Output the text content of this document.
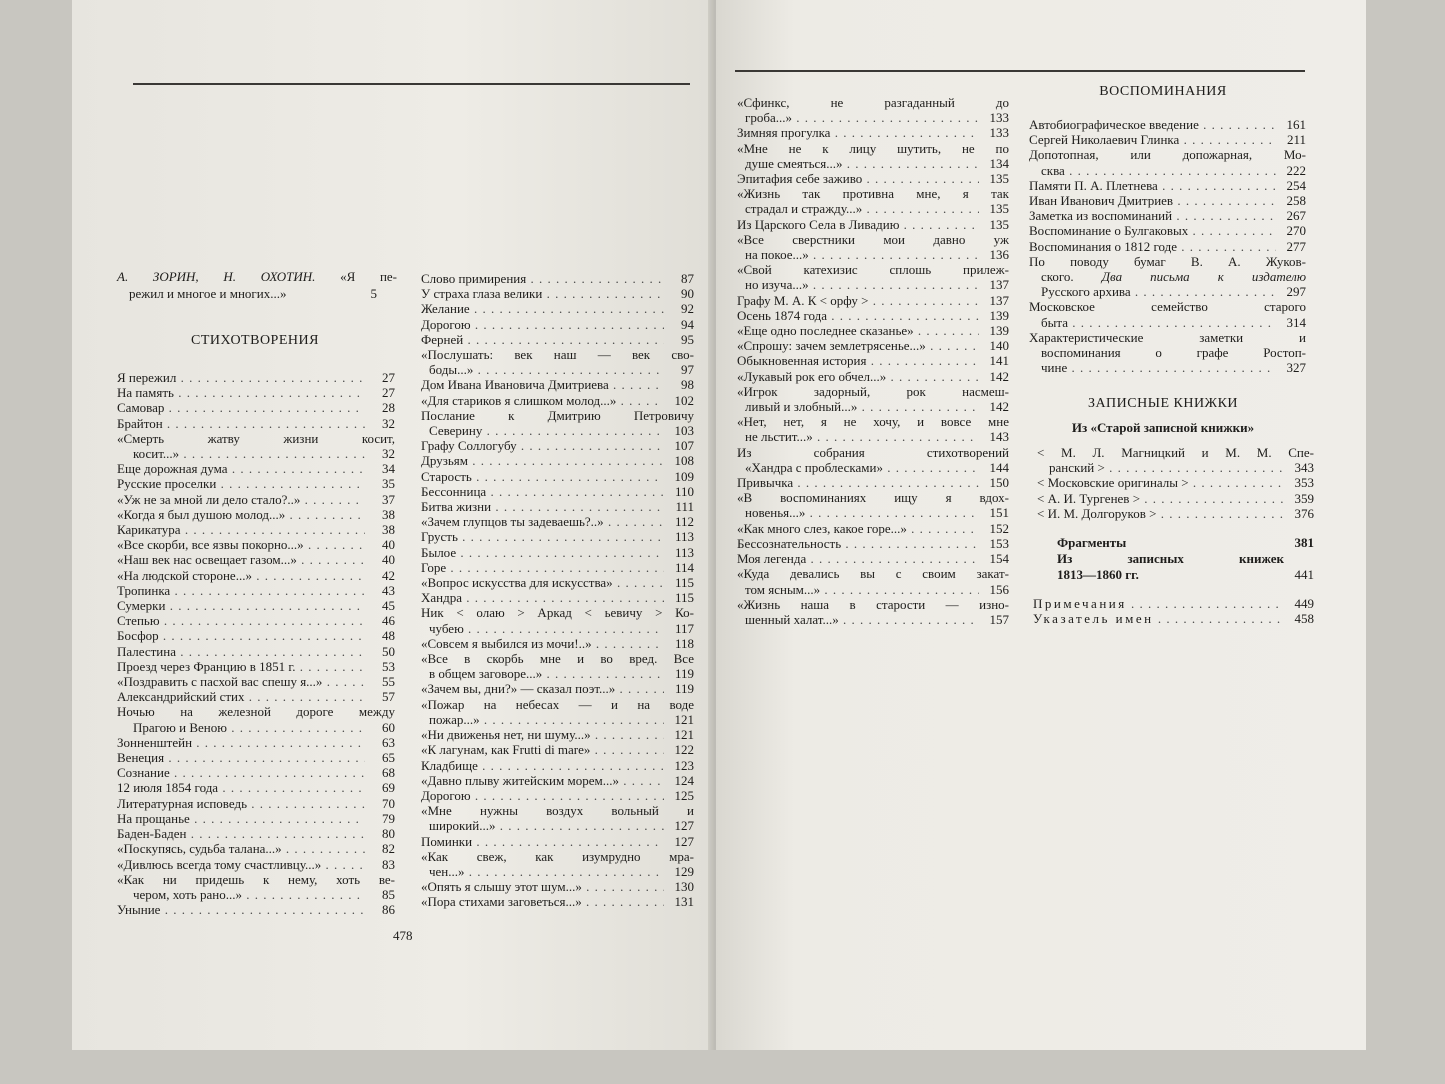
А. ЗОРИН, Н. ОХОТИН. «Я пе-
режил и многое и многих...»	5
СТИХОТВОРЕНИЯ
Я пережил . . .	27
На память . . .	27
Самовар . . .	28
Брайтон . . .	32
«Смерть жатву жизни косит,
косит...» . . .	32
Еще дорожная дума . . .	34
Русские проселки . . .	35
«Уж не за мной ли дело стало?..» . . .	37
«Когда я был душою молод...» . . .	38
Карикатура . . .	38
«Все скорби, все язвы покорно...» . . .	40
«Наш век нас освещает газом...» . . .	40
«На людской стороне...» . . .	42
Тропинка . . .	43
Сумерки . . .	45
Степью . . .	46
Босфор . . .	48
Палестина . . .	50
Проезд через Францию в 1851 г. . . .	53
«Поздравить с пасхой вас спешу я...» . . .	55
Александрийский стих . . .	57
Ночью на железной дороге между
Прагою и Веною . . .	60
Зонненштейн . . .	63
Венеция . . .	65
Сознание . . .	68
12 июля 1854 года . . .	69
Литературная исповедь . . .	70
На прощанье . . .	79
Баден-Баден . . .	80
«Поскупясь, судьба талана...» . . .	82
«Дивлюсь всегда тому счастливцу...» . . .	83
«Как ни придешь к нему, хоть ве-
чером, хоть рано...» . . .	85
Уныние . . .	86
Слово примирения . . .	87
У страха глаза велики . . .	90
Желание . . .	92
Дорогою . . .	94
Ферней . . .	95
«Послушать: век наш — век сво-
боды...» . . .	97
Дом Ивана Ивановича Дмитриева . . .	98
«Для стариков я слишком молод...» . . .	102
Послание к Дмитрию Петровичу
Северину . . .	103
Графу Соллогубу . . .	107
Друзьям . . .	108
Старость . . .	109
Бессонница . . .	110
Битва жизни . . .	111
«Зачем глупцов ты задеваешь?..» . . .	112
Грусть . . .	113
Былое . . .	113
Горе . . .	114
«Вопрос искусства для искусства» . . .	115
Хандра . . .	115
Ник < олаю > Аркад < ьевичу > Ко-
чубею . . .	117
«Совсем я выбился из мочи!..» . . .	118
«Все в скорбь мне и во вред. Все
в общем заговоре...» . . .	119
«Зачем вы, дни?» — сказал поэт...» . . .	119
«Пожар на небесах — и на воде
пожар...» . . .	121
«Ни движенья нет, ни шуму...» . . .	121
«К лагунам, как Frutti di mare» . . .	122
Кладбище . . .	123
«Давно плыву житейским морем...» . . .	124
Дорогою . . .	125
«Мне нужны воздух вольный и
широкий...» . . .	127
Поминки . . .	127
«Как свеж, как изумрудно мра-
чен...» . . .	129
«Опять я слышу этот шум...» . . .	130
«Пора стихами заговеться...» . . .	131
478
«Сфинкс, не разгаданный до
гроба...» . . .	133
Зимняя прогулка . . .	133
«Мне не к лицу шутить, не по
душе смеяться...» . . .	134
Эпитафия себе заживо . . .	135
«Жизнь так противна мне, я так
страдал и стражду...» . . .	135
Из Царского Села в Ливадию . . .	135
«Все сверстники мои давно уж
на покое...» . . .	136
«Свой катехизис сплошь прилеж-
но изуча...» . . .	137
Графу М. А. К < орфу > . . .	137
Осень 1874 года . . .	139
«Еще одно последнее сказанье» . . .	139
«Спрошу: зачем землетрясенье...» . . .	140
Обыкновенная история . . .	141
«Лукавый рок его обчел...» . . .	142
«Игрок задорный, рок насмеш-
ливый и злобный...» . . .	142
«Нет, нет, я не хочу, и вовсе мне
не льстит...» . . .	143
Из собрания стихотворений
«Хандра с проблесками» . . .	144
Привычка . . .	150
«В воспоминаниях ищу я вдох-
новенья...» . . .	151
«Как много слез, какое горе...» . . .	152
Бессознательность . . .	153
Моя легенда . . .	154
«Куда девались вы с своим закат-
том ясным...» . . .	156
«Жизнь наша в старости — изно-
шенный халат...» . . .	157
ВОСПОМИНАНИЯ
Автобиографическое введение . . .	161
Сергей Николаевич Глинка . . .	211
Допотопная, или допожарная, Мо-
сква . . .	222
Памяти П. А. Плетнева . . .	254
Иван Иванович Дмитриев . . .	258
Заметка из воспоминаний . . .	267
Воспоминание о Булгаковых . . .	270
Воспоминания о 1812 годе . . .	277
По поводу бумаг В. А. Жуков-
ского. Два письма к издателю
Русского архива . . .	297
Московское семейство старого
быта . . .	314
Характеристические заметки и
воспоминания о графе Ростоп-
чине . . .	327
ЗАПИСНЫЕ КНИЖКИ
Из «Старой записной книжки»
< М. Л. Магницкий и М. М. Спе-
ранский > . . .	343
< Московские оригиналы > . . .	353
< А. И. Тургенев > . . .	359
< И. М. Долгоруков > . . .	376
Фрагменты	381
Из записных книжек
1813—1860 гг.	441
Примечания . . .	449
Указатель имен . . .	458
